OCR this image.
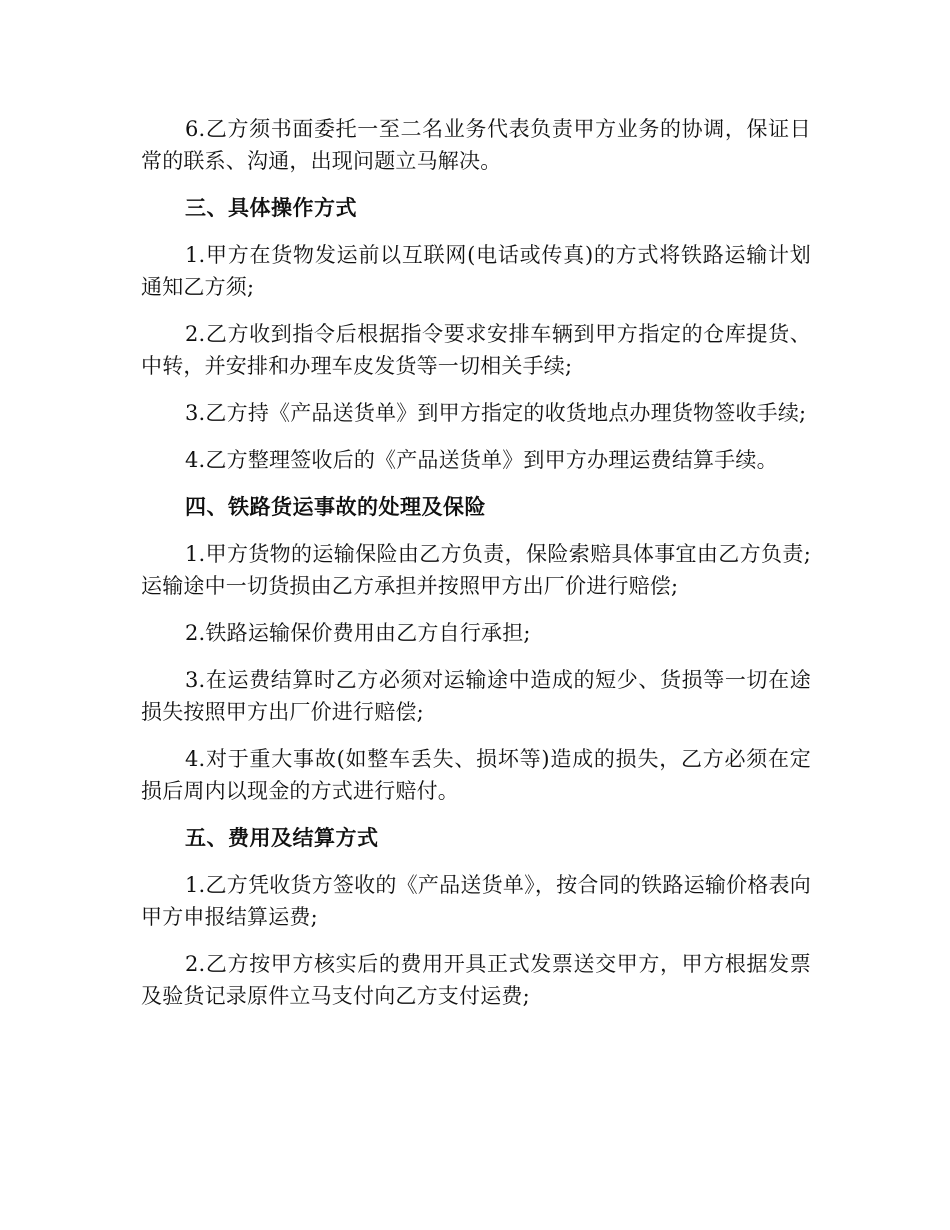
6.乙方须书面委托一至二名业务代表负责甲方业务的协调，保证日常的联系、沟通，出现问题立马解决。

三、具体操作方式

1.甲方在货物发运前以互联网(电话或传真)的方式将铁路运输计划通知乙方须;

2.乙方收到指令后根据指令要求安排车辆到甲方指定的仓库提货、中转，并安排和办理车皮发货等一切相关手续;

3.乙方持《产品送货单》到甲方指定的收货地点办理货物签收手续;

4.乙方整理签收后的《产品送货单》到甲方办理运费结算手续。

四、铁路货运事故的处理及保险

1.甲方货物的运输保险由乙方负责，保险索赔具体事宜由乙方负责;运输途中一切货损由乙方承担并按照甲方出厂价进行赔偿;

2.铁路运输保价费用由乙方自行承担;

3.在运费结算时乙方必须对运输途中造成的短少、货损等一切在途损失按照甲方出厂价进行赔偿;

4.对于重大事故(如整车丢失、损坏等)造成的损失，乙方必须在定损后周内以现金的方式进行赔付。

五、费用及结算方式

1.乙方凭收货方签收的《产品送货单》，按合同的铁路运输价格表向甲方申报结算运费;

2.乙方按甲方核实后的费用开具正式发票送交甲方，甲方根据发票及验货记录原件立马支付向乙方支付运费;
